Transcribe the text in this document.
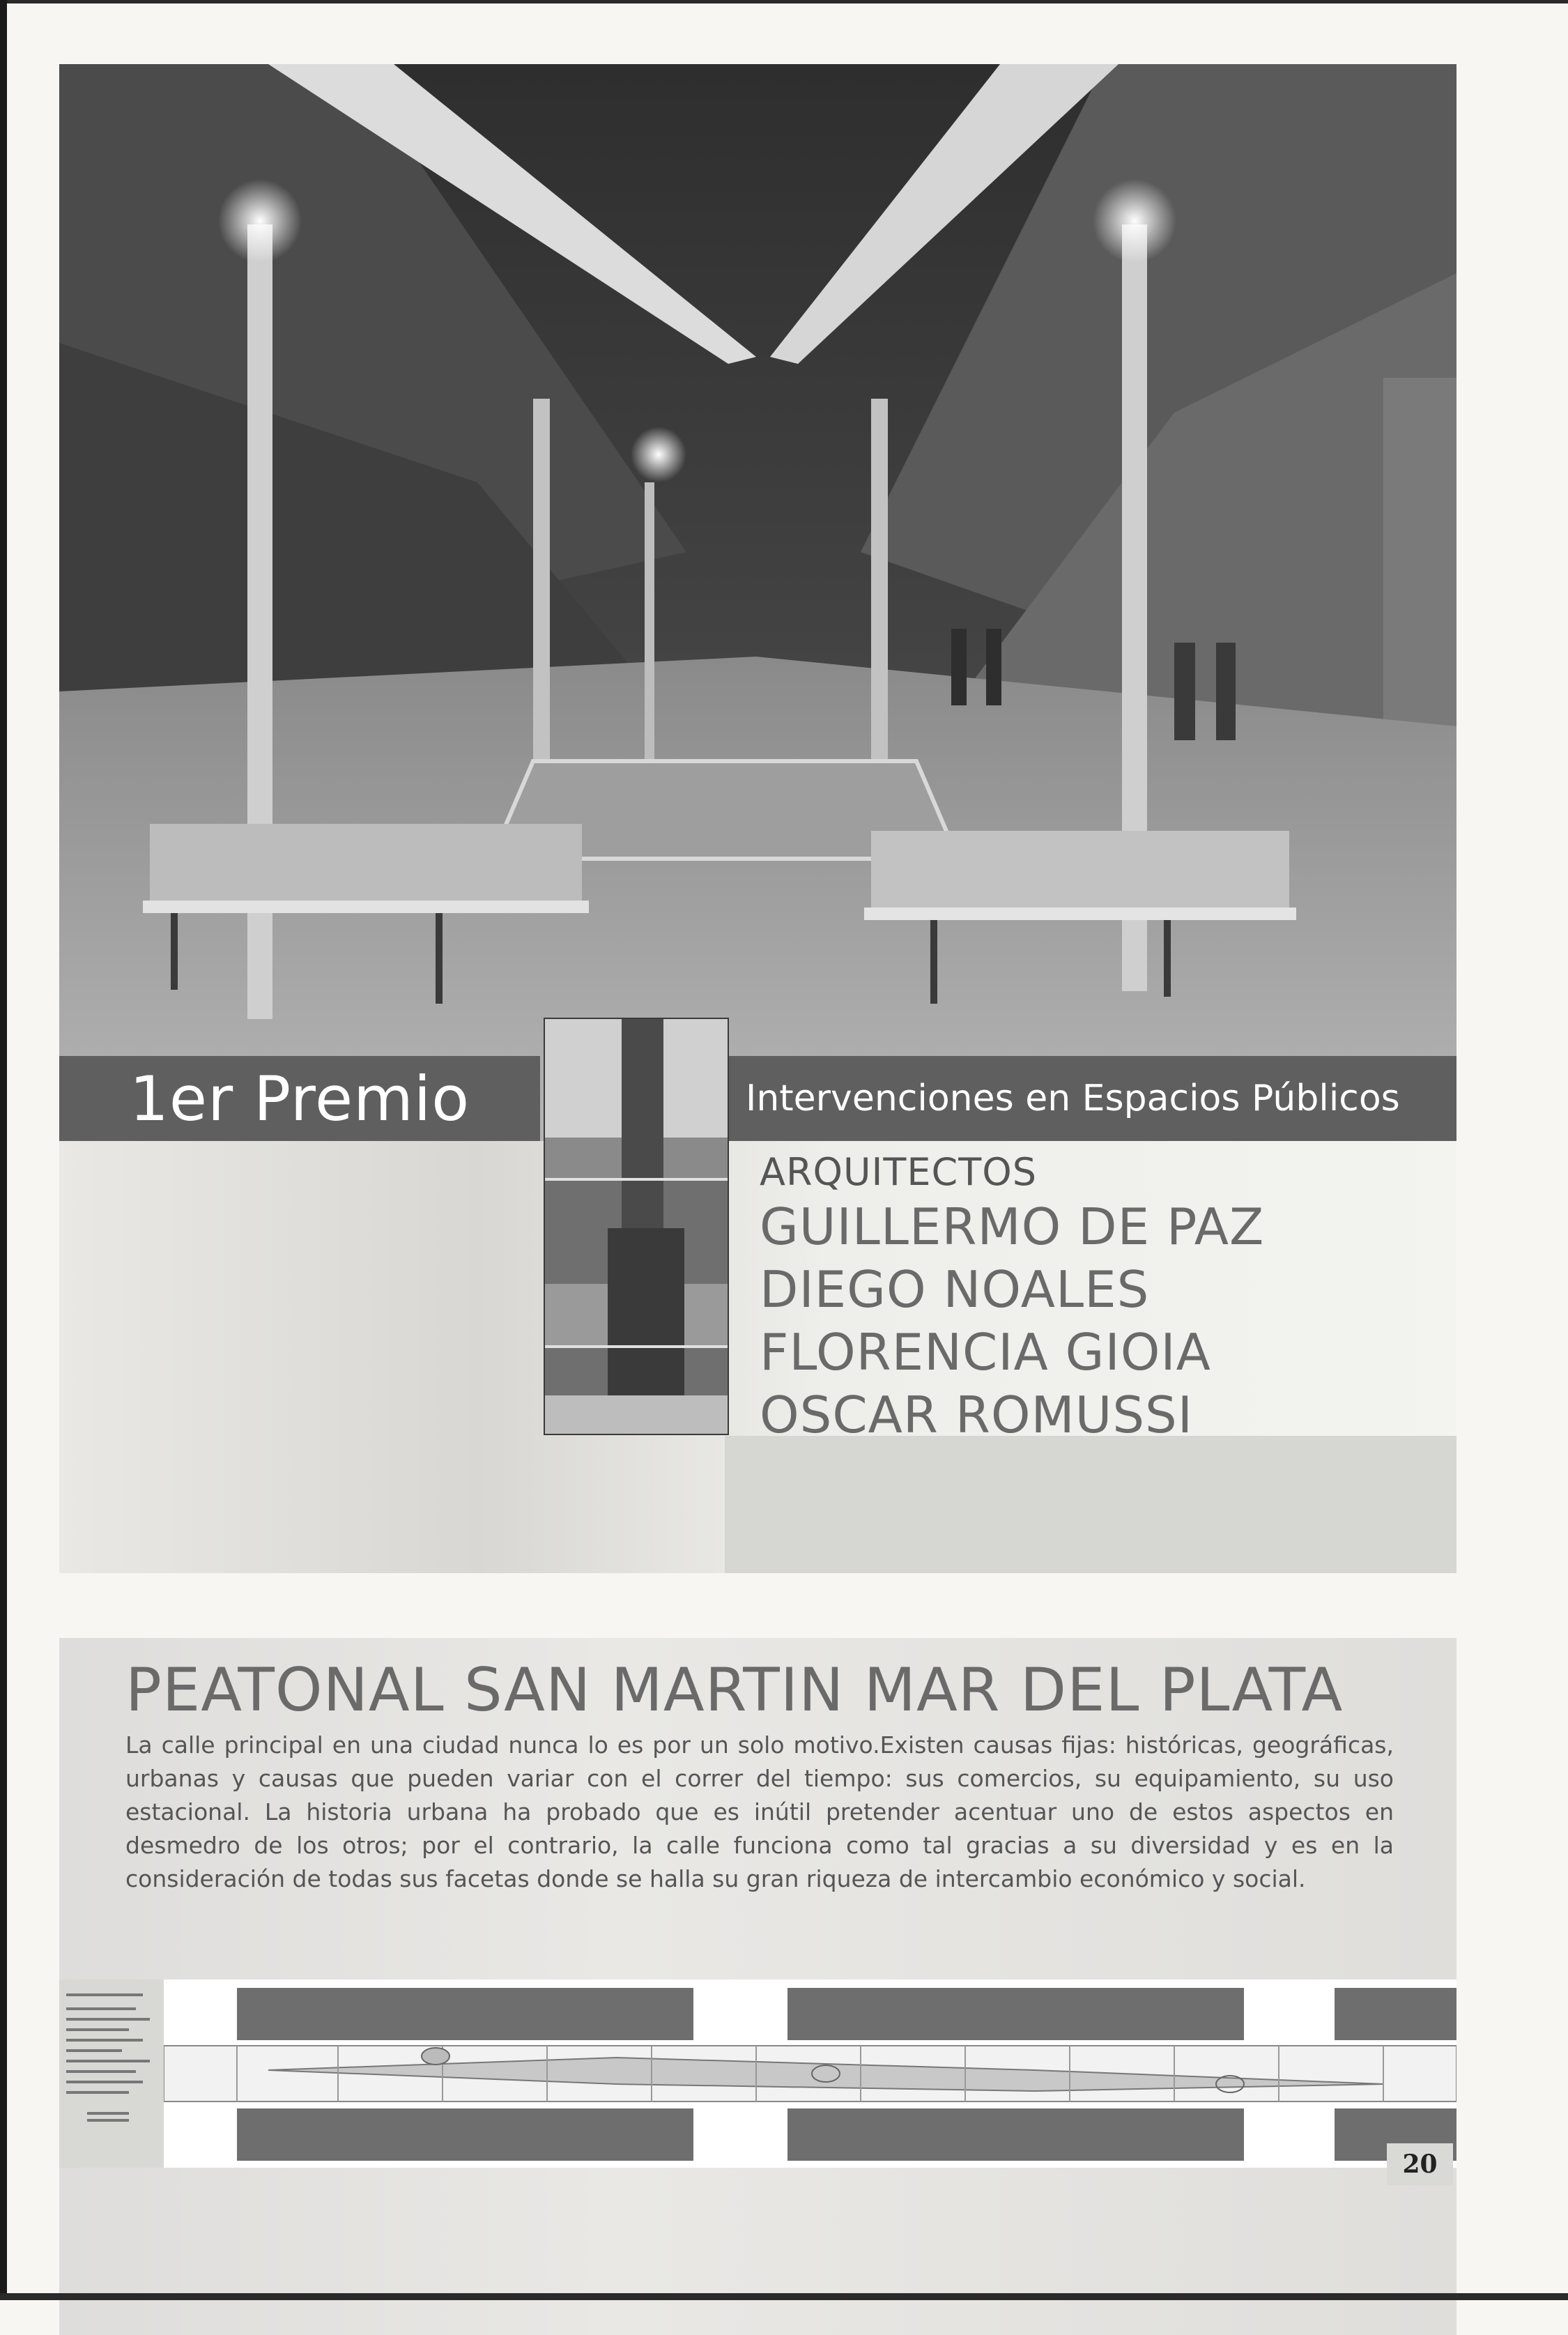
1er Premio	Intervenciones en Espacios Públicos
ARQUITECTOS
GUILLERMO DE PAZ
DIEGO NOALES
FLORENCIA GIOIA
OSCAR ROMUSSI
PEATONAL SAN MARTIN MAR DEL PLATA
La calle principal en una ciudad nunca lo es por un solo motivo.Existen causas fijas: históricas, geográficas, urbanas y causas que pueden variar con el correr del tiempo: sus comercios, su equipamiento, su uso estacional. La historia urbana ha probado que es inútil pretender acentuar uno de estos aspectos en desmedro de los otros; por el contrario, la calle funciona como tal gracias a su diversidad y es en la consideración de todas sus facetas donde se halla su gran riqueza de intercambio económico y social.
20
